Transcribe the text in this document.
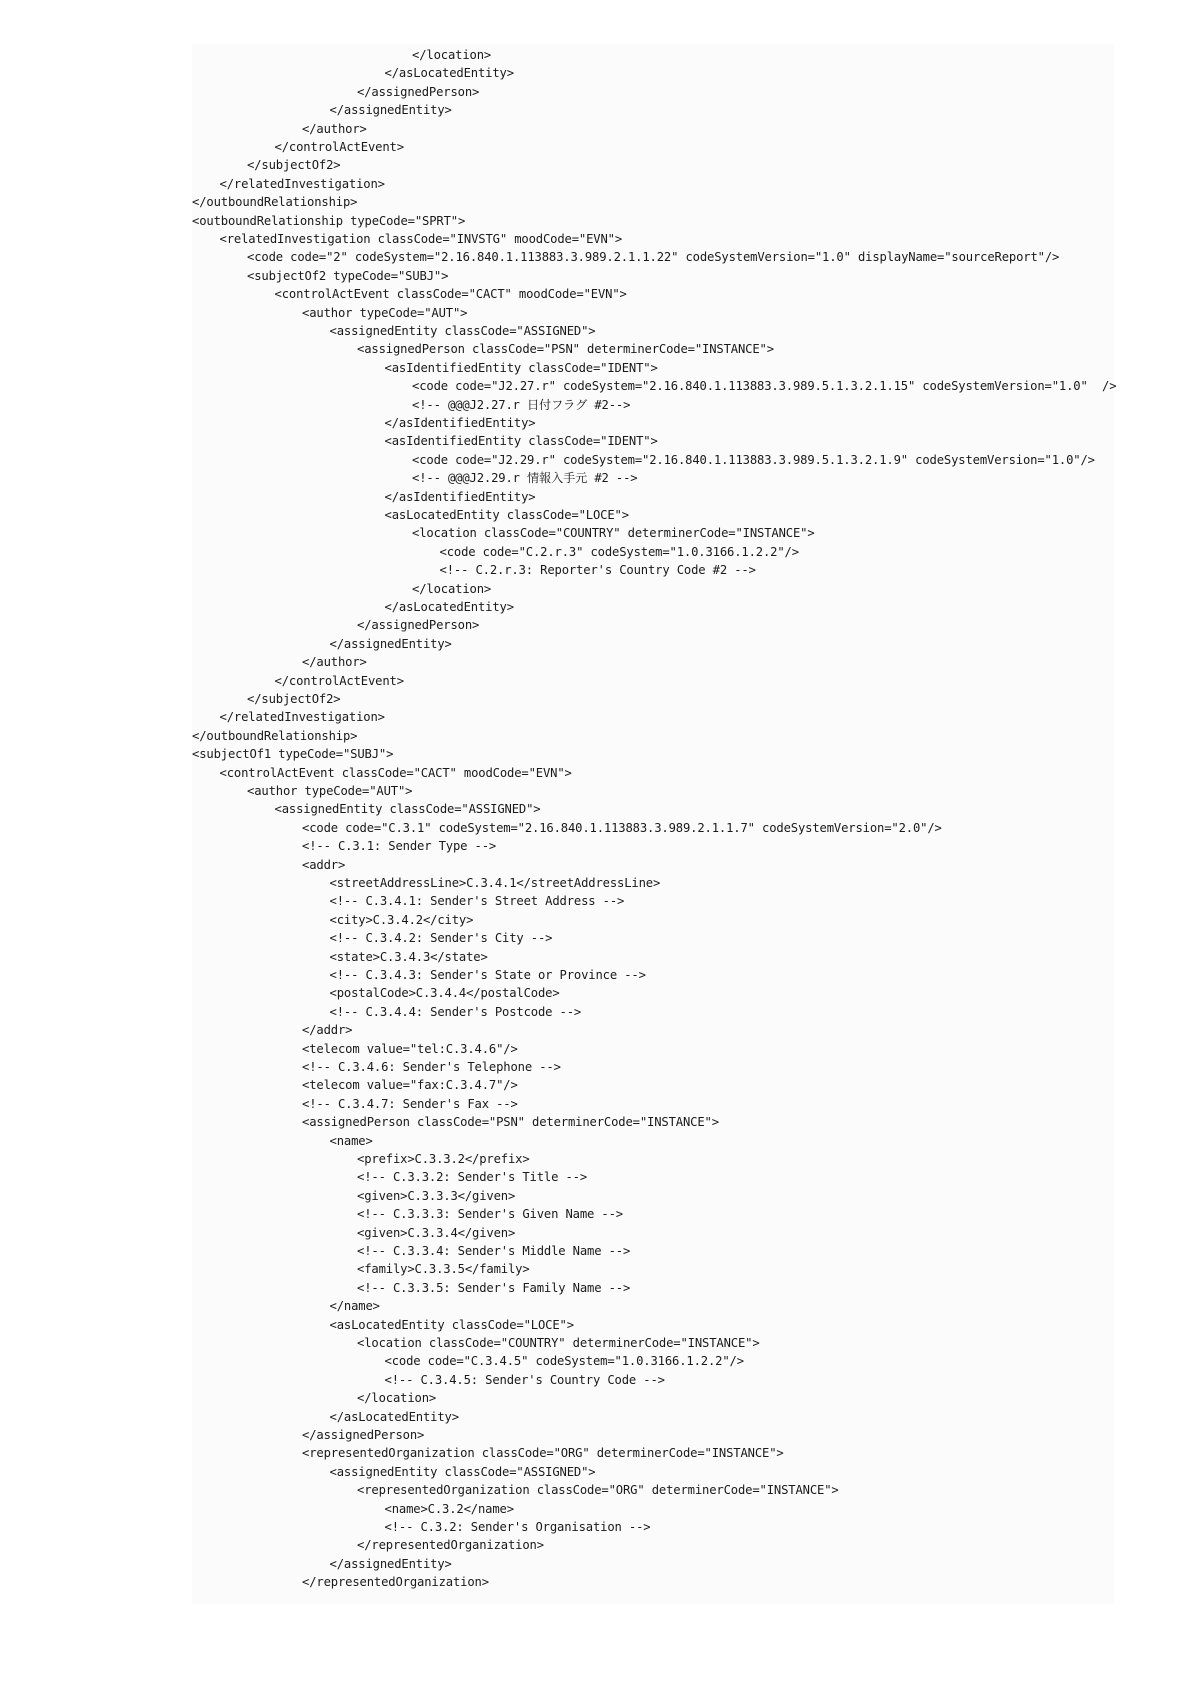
</location>
</asLocatedEntity>
</assignedPerson>
</assignedEntity>
</author>
</controlActEvent>
</subjectOf2>
</relatedInvestigation>
</outboundRelationship>
<outboundRelationship typeCode="SPRT">
<relatedInvestigation classCode="INVSTG" moodCode="EVN">
<code code="2" codeSystem="2.16.840.1.113883.3.989.2.1.1.22" codeSystemVersion="1.0" displayName="sourceReport"/>
<subjectOf2 typeCode="SUBJ">
<controlActEvent classCode="CACT" moodCode="EVN">
<author typeCode="AUT">
<assignedEntity classCode="ASSIGNED">
<assignedPerson classCode="PSN" determinerCode="INSTANCE">
<asIdentifiedEntity classCode="IDENT">
<code code="J2.27.r" codeSystem="2.16.840.1.113883.3.989.5.1.3.2.1.15" codeSystemVersion="1.0"  />
<!-- @@@J2.27.r 日付フラグ #2-->
</asIdentifiedEntity>
<asIdentifiedEntity classCode="IDENT">
<code code="J2.29.r" codeSystem="2.16.840.1.113883.3.989.5.1.3.2.1.9" codeSystemVersion="1.0"/>
<!-- @@@J2.29.r 情報入手元 #2 -->
</asIdentifiedEntity>
<asLocatedEntity classCode="LOCE">
<location classCode="COUNTRY" determinerCode="INSTANCE">
<code code="C.2.r.3" codeSystem="1.0.3166.1.2.2"/>
<!-- C.2.r.3: Reporter's Country Code #2 -->
</location>
</asLocatedEntity>
</assignedPerson>
</assignedEntity>
</author>
</controlActEvent>
</subjectOf2>
</relatedInvestigation>
</outboundRelationship>
<subjectOf1 typeCode="SUBJ">
<controlActEvent classCode="CACT" moodCode="EVN">
<author typeCode="AUT">
<assignedEntity classCode="ASSIGNED">
<code code="C.3.1" codeSystem="2.16.840.1.113883.3.989.2.1.1.7" codeSystemVersion="2.0"/>
<!-- C.3.1: Sender Type -->
<addr>
<streetAddressLine>C.3.4.1</streetAddressLine>
<!-- C.3.4.1: Sender's Street Address -->
<city>C.3.4.2</city>
<!-- C.3.4.2: Sender's City -->
<state>C.3.4.3</state>
<!-- C.3.4.3: Sender's State or Province -->
<postalCode>C.3.4.4</postalCode>
<!-- C.3.4.4: Sender's Postcode -->
</addr>
<telecom value="tel:C.3.4.6"/>
<!-- C.3.4.6: Sender's Telephone -->
<telecom value="fax:C.3.4.7"/>
<!-- C.3.4.7: Sender's Fax -->
<assignedPerson classCode="PSN" determinerCode="INSTANCE">
<name>
<prefix>C.3.3.2</prefix>
<!-- C.3.3.2: Sender's Title -->
<given>C.3.3.3</given>
<!-- C.3.3.3: Sender's Given Name -->
<given>C.3.3.4</given>
<!-- C.3.3.4: Sender's Middle Name -->
<family>C.3.3.5</family>
<!-- C.3.3.5: Sender's Family Name -->
</name>
<asLocatedEntity classCode="LOCE">
<location classCode="COUNTRY" determinerCode="INSTANCE">
<code code="C.3.4.5" codeSystem="1.0.3166.1.2.2"/>
<!-- C.3.4.5: Sender's Country Code -->
</location>
</asLocatedEntity>
</assignedPerson>
<representedOrganization classCode="ORG" determinerCode="INSTANCE">
<assignedEntity classCode="ASSIGNED">
<representedOrganization classCode="ORG" determinerCode="INSTANCE">
<name>C.3.2</name>
<!-- C.3.2: Sender's Organisation -->
</representedOrganization>
</assignedEntity>
</representedOrganization>
